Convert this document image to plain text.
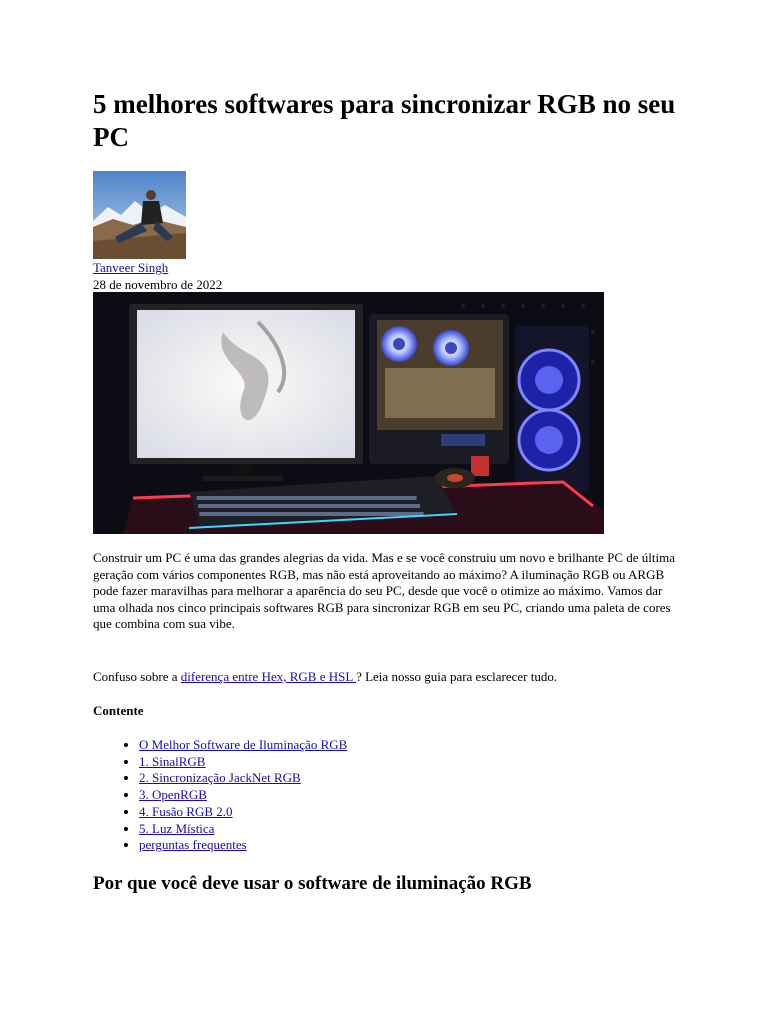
5 melhores softwares para sincronizar RGB no seu PC
Tanveer Singh
28 de novembro de 2022

Construir um PC é uma das grandes alegrias da vida. Mas e se você construiu um novo e brilhante PC de última geração com vários componentes RGB, mas não está aproveitando ao máximo? A iluminação RGB ou ARGB pode fazer maravilhas para melhorar a aparência do seu PC, desde que você o otimize ao máximo. Vamos dar uma olhada nos cinco principais softwares RGB para sincronizar RGB em seu PC, criando uma paleta de cores que combina com sua vibe.

Confuso sobre a diferença entre Hex, RGB e HSL ? Leia nosso guia para esclarecer tudo.

Contente
• O Melhor Software de Iluminação RGB
• 1. SinalRGB
• 2. Sincronização JackNet RGB
• 3. OpenRGB
• 4. Fusão RGB 2.0
• 5. Luz Mística
• perguntas frequentes
Por que você deve usar o software de iluminação RGB
